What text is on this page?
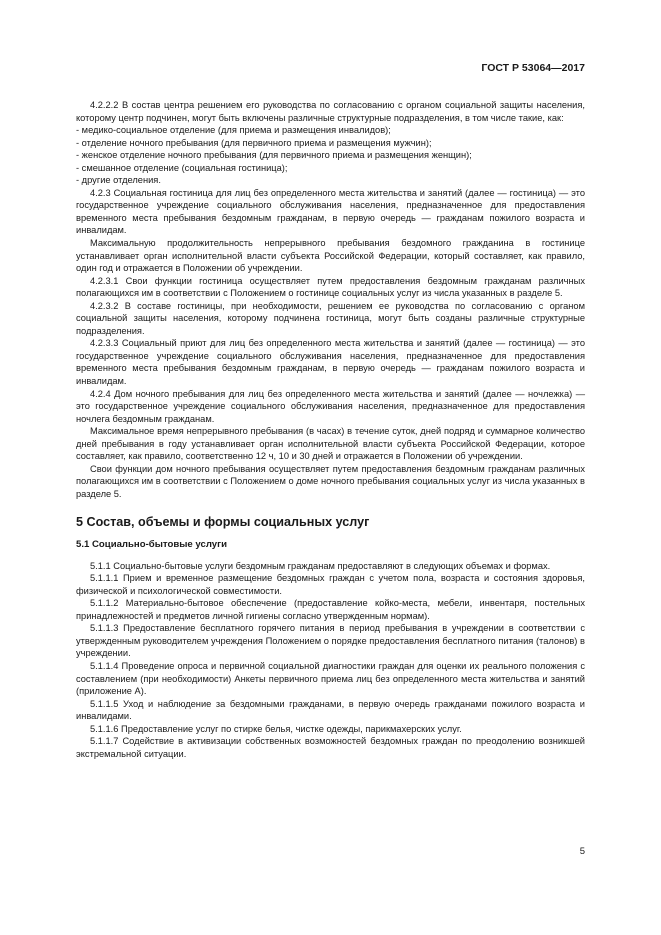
ГОСТ Р 53064—2017

4.2.2.2 В состав центра решением его руководства по согласованию с органом социальной защиты населения, которому центр подчинен, могут быть включены различные структурные подразделения, в том числе такие, как:

- медико-социальное отделение (для приема и размещения инвалидов);

- отделение ночного пребывания (для первичного приема и размещения мужчин);

- женское отделение ночного пребывания (для первичного приема и размещения женщин);

- смешанное отделение (социальная гостиница);

- другие отделения.

4.2.3 Социальная гостиница для лиц без определенного места жительства и занятий (далее — гостиница) — это государственное учреждение социального обслуживания населения, предназначенное для предоставления временного места пребывания бездомным гражданам, в первую очередь — гражданам пожилого возраста и инвалидам.

Максимальную продолжительность непрерывного пребывания бездомного гражданина в гостинице устанавливает орган исполнительной власти субъекта Российской Федерации, который составляет, как правило, один год и отражается в Положении об учреждении.

4.2.3.1 Свои функции гостиница осуществляет путем предоставления бездомным гражданам различных полагающихся им в соответствии с Положением о гостинице социальных услуг из числа указанных в разделе 5.

4.2.3.2 В составе гостиницы, при необходимости, решением ее руководства по согласованию с органом социальной защиты населения, которому подчинена гостиница, могут быть созданы различные структурные подразделения.

4.2.3.3 Социальный приют для лиц без определенного места жительства и занятий (далее — гостиница) — это государственное учреждение социального обслуживания населения, предназначенное для предоставления временного места пребывания бездомным гражданам, в первую очередь — гражданам пожилого возраста и инвалидам.

4.2.4 Дом ночного пребывания для лиц без определенного места жительства и занятий (далее — ночлежка) — это государственное учреждение социального обслуживания населения, предназначенное для предоставления ночлега бездомным гражданам.

Максимальное время непрерывного пребывания (в часах) в течение суток, дней подряд и суммарное количество дней пребывания в году устанавливает орган исполнительной власти субъекта Российской Федерации, которое составляет, как правило, соответственно 12 ч, 10 и 30 дней и отражается в Положении об учреждении.

Свои функции дом ночного пребывания осуществляет путем предоставления бездомным гражданам различных полагающихся им в соответствии с Положением о доме ночного пребывания социальных услуг из числа указанных в разделе 5.

5 Состав, объемы и формы социальных услуг
5.1 Социально-бытовые услуги

5.1.1 Социально-бытовые услуги бездомным гражданам предоставляют в следующих объемах и формах.

5.1.1.1 Прием и временное размещение бездомных граждан с учетом пола, возраста и состояния здоровья, физической и психологической совместимости.

5.1.1.2 Материально-бытовое обеспечение (предоставление койко-места, мебели, инвентаря, постельных принадлежностей и предметов личной гигиены согласно утвержденным нормам).

5.1.1.3 Предоставление бесплатного горячего питания в период пребывания в учреждении в соответствии с утвержденным руководителем учреждения Положением о порядке предоставления бесплатного питания (талонов) в учреждении.

5.1.1.4 Проведение опроса и первичной социальной диагностики граждан для оценки их реального положения с составлением (при необходимости) Анкеты первичного приема лиц без определенного места жительства и занятий (приложение А).

5.1.1.5 Уход и наблюдение за бездомными гражданами, в первую очередь гражданами пожилого возраста и инвалидами.

5.1.1.6 Предоставление услуг по стирке белья, чистке одежды, парикмахерских услуг.

5.1.1.7 Содействие в активизации собственных возможностей бездомных граждан по преодолению возникшей экстремальной ситуации.

5
